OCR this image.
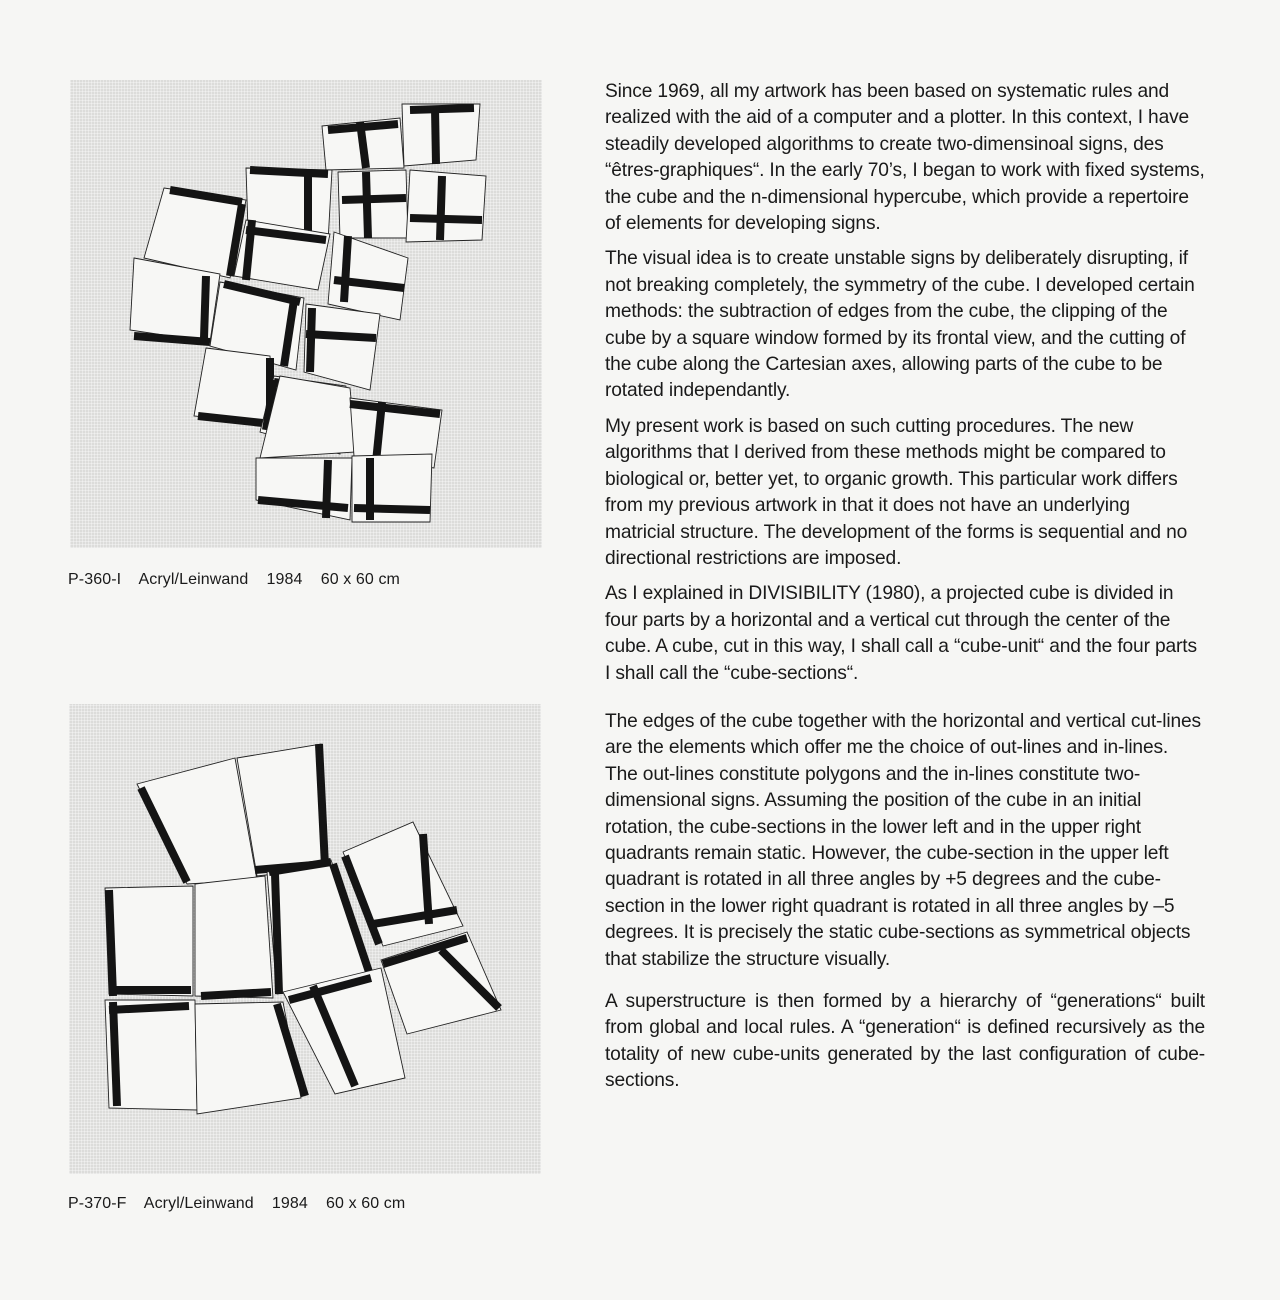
P-360-I    Acryl/Leinwand    1984    60 x 60 cm
P-370-F    Acryl/Leinwand    1984    60 x 60 cm

Since 1969, all my artwork has been based on systematic rules and realized with the aid of a computer and a plotter. In this context, I have steadily developed algorithms to create two-dimensinoal signs, des “êtres-graphiques“. In the early 70’s, I began to work with fixed systems, the cube and the n-dimensional hypercube, which provide a repertoire of elements for developing signs.

The visual idea is to create unstable signs by deliberately disrupting, if not breaking completely, the symmetry of the cube. I developed certain methods: the subtraction of edges from the cube, the clipping of the cube by a square window formed by its frontal view, and the cutting of the cube along the Cartesian axes, allowing parts of the cube to be rotated independantly.

My present work is based on such cutting procedures. The new algorithms that I derived from these methods might be compared to biological or, better yet, to organic growth. This particular work differs from my previous artwork in that it does not have an underlying matricial structure. The development of the forms is sequential and no directional restrictions are imposed.

As I explained in DIVISIBILITY (1980), a projected cube is divided in four parts by a horizontal and a vertical cut through the center of the cube. A cube, cut in this way, I shall call a “cube-unit“ and the four parts I shall call the “cube-sections“.

The edges of the cube together with the horizontal and vertical cut-lines are the elements which offer me the choice of out-lines and in-lines. The out-lines constitute polygons and the in-lines constitute two-dimensional signs. Assuming the position of the cube in an initial rotation, the cube-sections in the lower left and in the upper right quadrants remain static. However, the cube-section in the upper left quadrant is rotated in all three angles by +5 degrees and the cube-section in the lower right quadrant is rotated in all three angles by –5 degrees. It is precisely the static cube-sections as symmetrical objects that stabilize the structure visually.

A superstructure is then formed by a hierarchy of “generations“ built from global and local rules. A “generation“ is defined recursively as the totality of new cube-units generated by the last configuration of cube-sections.
